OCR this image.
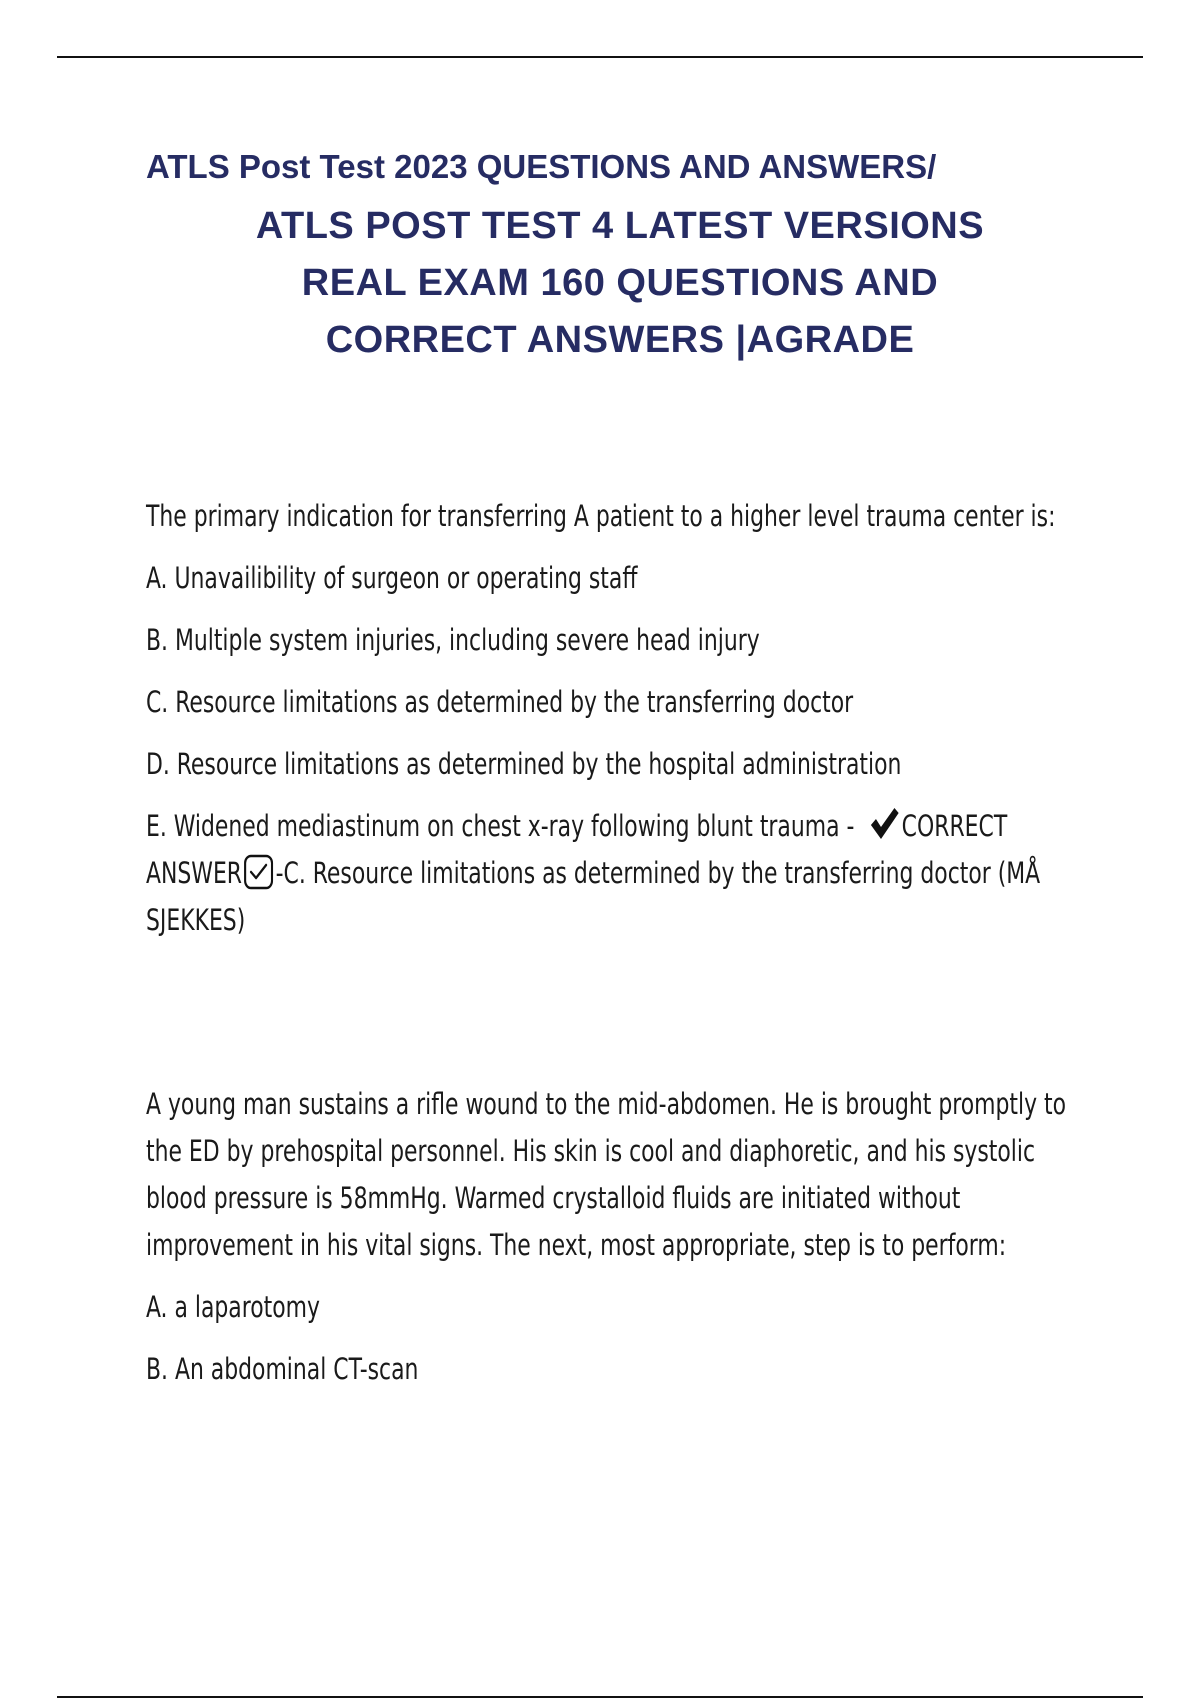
ATLS Post Test 2023 QUESTIONS AND ANSWERS/
ATLS POST TEST 4 LATEST VERSIONS
REAL EXAM 160 QUESTIONS AND
CORRECT ANSWERS |AGRADE

The primary indication for transferring A patient to a higher level trauma center is:

A. Unavailibility of surgeon or operating staff

B. Multiple system injuries, including severe head injury

C. Resource limitations as determined by the transferring doctor

D. Resource limitations as determined by the hospital administration

E. Widened mediastinum on chest x-ray following blunt trauma - CORRECT ANSWER -C. Resource limitations as determined by the transferring doctor (MÅ SJEKKES)

A young man sustains a rifle wound to the mid-abdomen. He is brought promptly to the ED by prehospital personnel. His skin is cool and diaphoretic, and his systolic blood pressure is 58mmHg. Warmed crystalloid fluids are initiated without improvement in his vital signs. The next, most appropriate, step is to perform:

A. a laparotomy

B. An abdominal CT-scan
